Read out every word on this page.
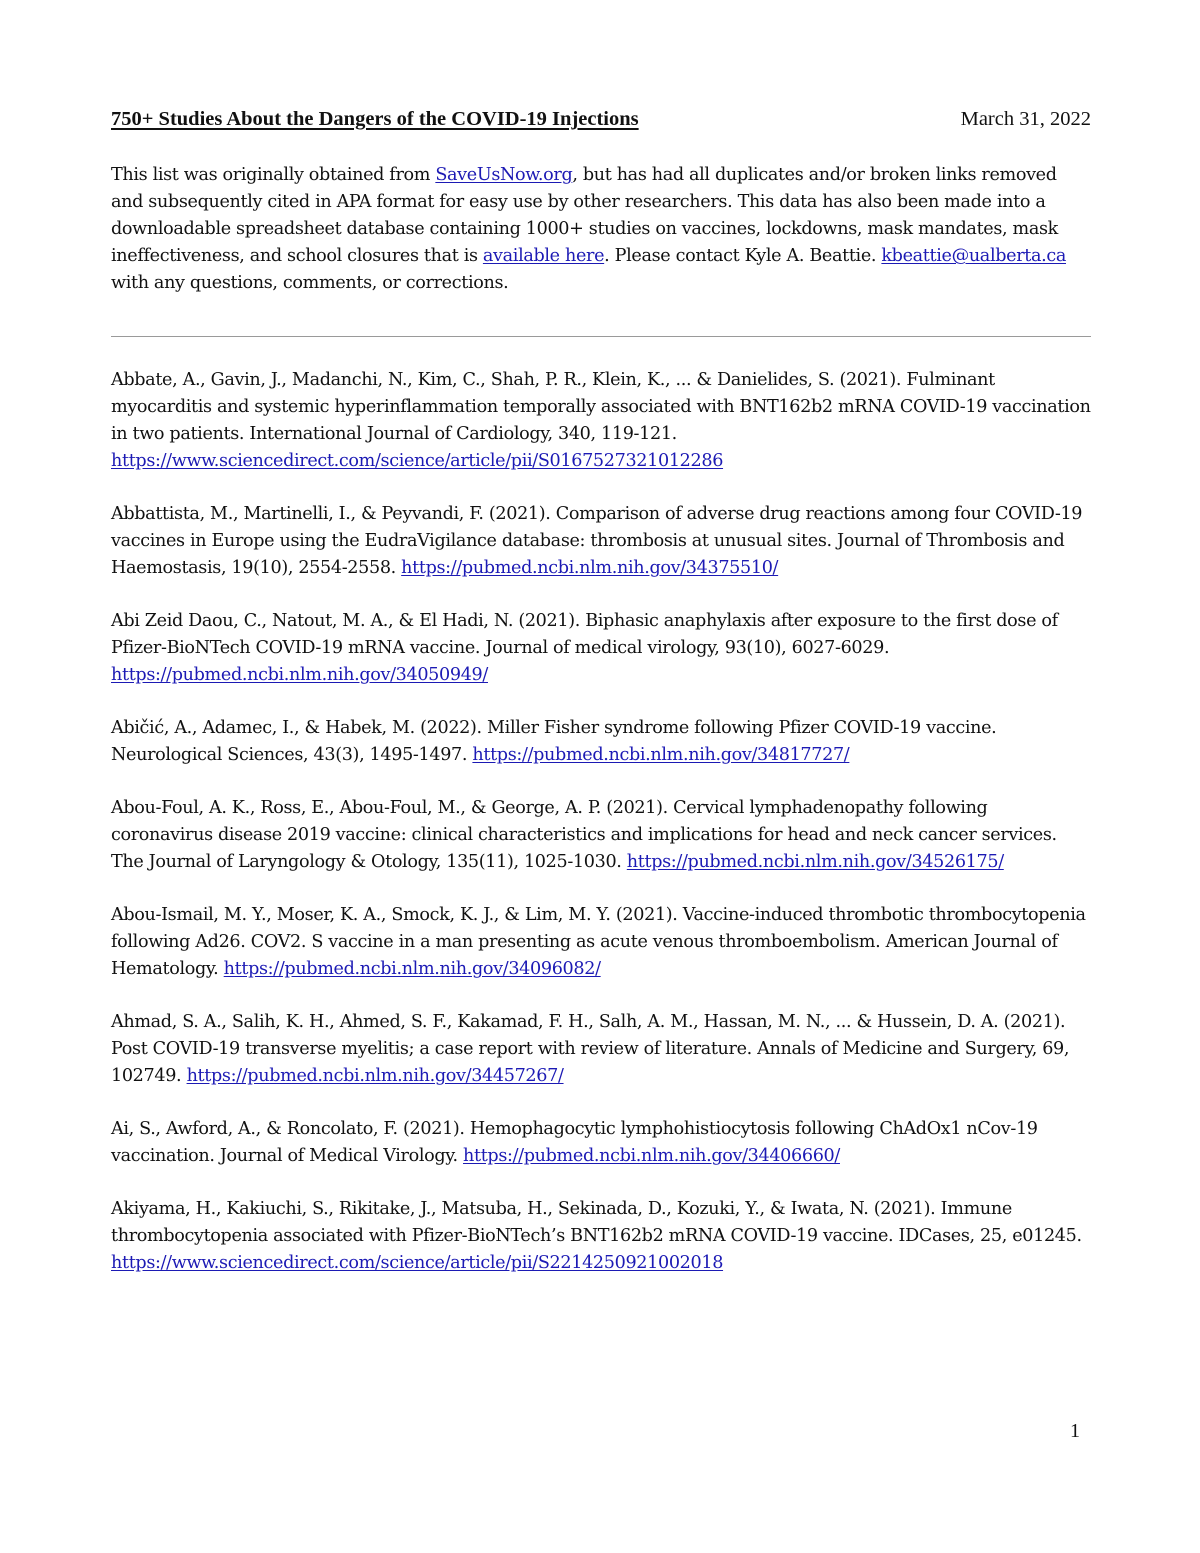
750+ Studies About the Dangers of the COVID-19 Injections	March 31, 2022

This list was originally obtained from SaveUsNow.org, but has had all duplicates and/or broken links removed and subsequently cited in APA format for easy use by other researchers. This data has also been made into a downloadable spreadsheet database containing 1000+ studies on vaccines, lockdowns, mask mandates, mask ineffectiveness, and school closures that is available here. Please contact Kyle A. Beattie. kbeattie@ualberta.ca with any questions, comments, or corrections.

Abbate, A., Gavin, J., Madanchi, N., Kim, C., Shah, P. R., Klein, K., ... & Danielides, S. (2021). Fulminant myocarditis and systemic hyperinflammation temporally associated with BNT162b2 mRNA COVID-19 vaccination in two patients. International Journal of Cardiology, 340, 119-121. https://www.sciencedirect.com/science/article/pii/S0167527321012286

Abbattista, M., Martinelli, I., & Peyvandi, F. (2021). Comparison of adverse drug reactions among four COVID-19 vaccines in Europe using the EudraVigilance database: thrombosis at unusual sites. Journal of Thrombosis and Haemostasis, 19(10), 2554-2558. https://pubmed.ncbi.nlm.nih.gov/34375510/

Abi Zeid Daou, C., Natout, M. A., & El Hadi, N. (2021). Biphasic anaphylaxis after exposure to the first dose of Pfizer-BioNTech COVID-19 mRNA vaccine. Journal of medical virology, 93(10), 6027-6029. https://pubmed.ncbi.nlm.nih.gov/34050949/

Abičić, A., Adamec, I., & Habek, M. (2022). Miller Fisher syndrome following Pfizer COVID-19 vaccine. Neurological Sciences, 43(3), 1495-1497. https://pubmed.ncbi.nlm.nih.gov/34817727/

Abou-Foul, A. K., Ross, E., Abou-Foul, M., & George, A. P. (2021). Cervical lymphadenopathy following coronavirus disease 2019 vaccine: clinical characteristics and implications for head and neck cancer services. The Journal of Laryngology & Otology, 135(11), 1025-1030. https://pubmed.ncbi.nlm.nih.gov/34526175/

Abou-Ismail, M. Y., Moser, K. A., Smock, K. J., & Lim, M. Y. (2021). Vaccine-induced thrombotic thrombocytopenia following Ad26. COV2. S vaccine in a man presenting as acute venous thromboembolism. American Journal of Hematology. https://pubmed.ncbi.nlm.nih.gov/34096082/

Ahmad, S. A., Salih, K. H., Ahmed, S. F., Kakamad, F. H., Salh, A. M., Hassan, M. N., ... & Hussein, D. A. (2021). Post COVID-19 transverse myelitis; a case report with review of literature. Annals of Medicine and Surgery, 69, 102749. https://pubmed.ncbi.nlm.nih.gov/34457267/

Ai, S., Awford, A., & Roncolato, F. (2021). Hemophagocytic lymphohistiocytosis following ChAdOx1 nCov-19 vaccination. Journal of Medical Virology. https://pubmed.ncbi.nlm.nih.gov/34406660/

Akiyama, H., Kakiuchi, S., Rikitake, J., Matsuba, H., Sekinada, D., Kozuki, Y., & Iwata, N. (2021). Immune thrombocytopenia associated with Pfizer-BioNTech’s BNT162b2 mRNA COVID-19 vaccine. IDCases, 25, e01245. https://www.sciencedirect.com/science/article/pii/S2214250921002018

1
